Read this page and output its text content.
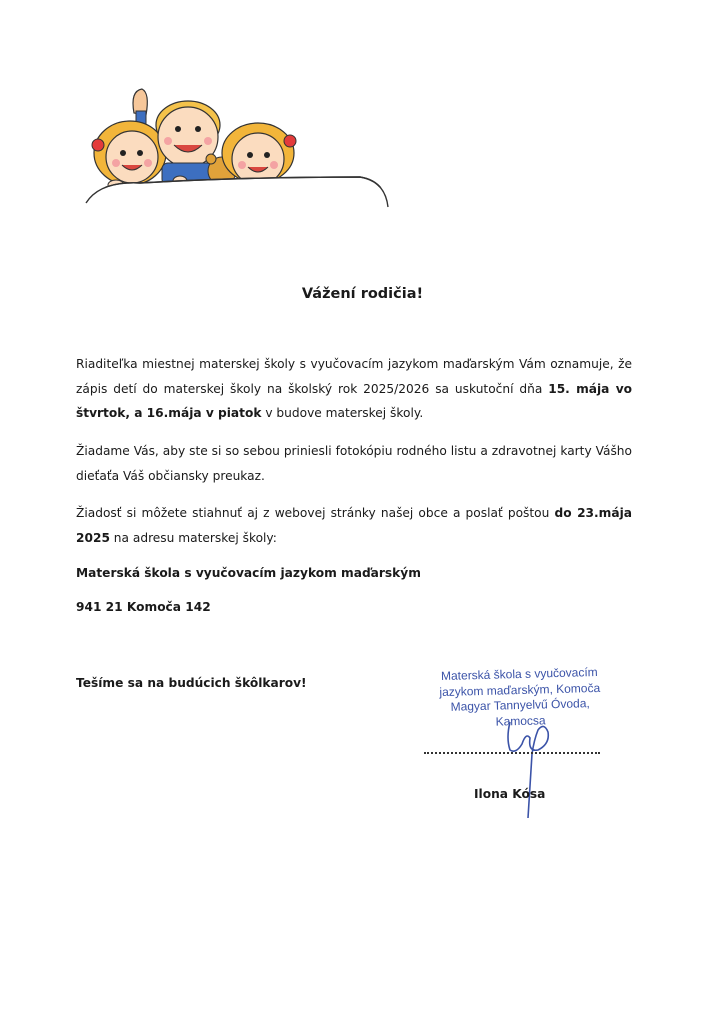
Vážení rodičia!
Riaditeľka miestnej materskej školy s vyučovacím jazykom maďarským Vám oznamuje, že zápis detí do materskej školy na školský rok 2025/2026 sa uskutoční dňa 15. mája vo štvrtok, a 16.mája v piatok v budove materskej školy.
Žiadame Vás, aby ste si so sebou priniesli fotokópiu rodného listu a zdravotnej karty Vášho dieťaťa Váš občiansky preukaz.
Žiadosť si môžete stiahnuť aj z webovej stránky našej obce a poslať poštou do 23.mája 2025 na adresu materskej školy:
Materská škola s vyučovacím jazykom maďarským
941 21 Komoča 142
Tešíme sa na budúcich škôlkarov!	Materská škola s vyučovacím
jazykom maďarským, Komoča
Magyar Tannyelvű Óvoda,
Kamocsa
Ilona Kósa
